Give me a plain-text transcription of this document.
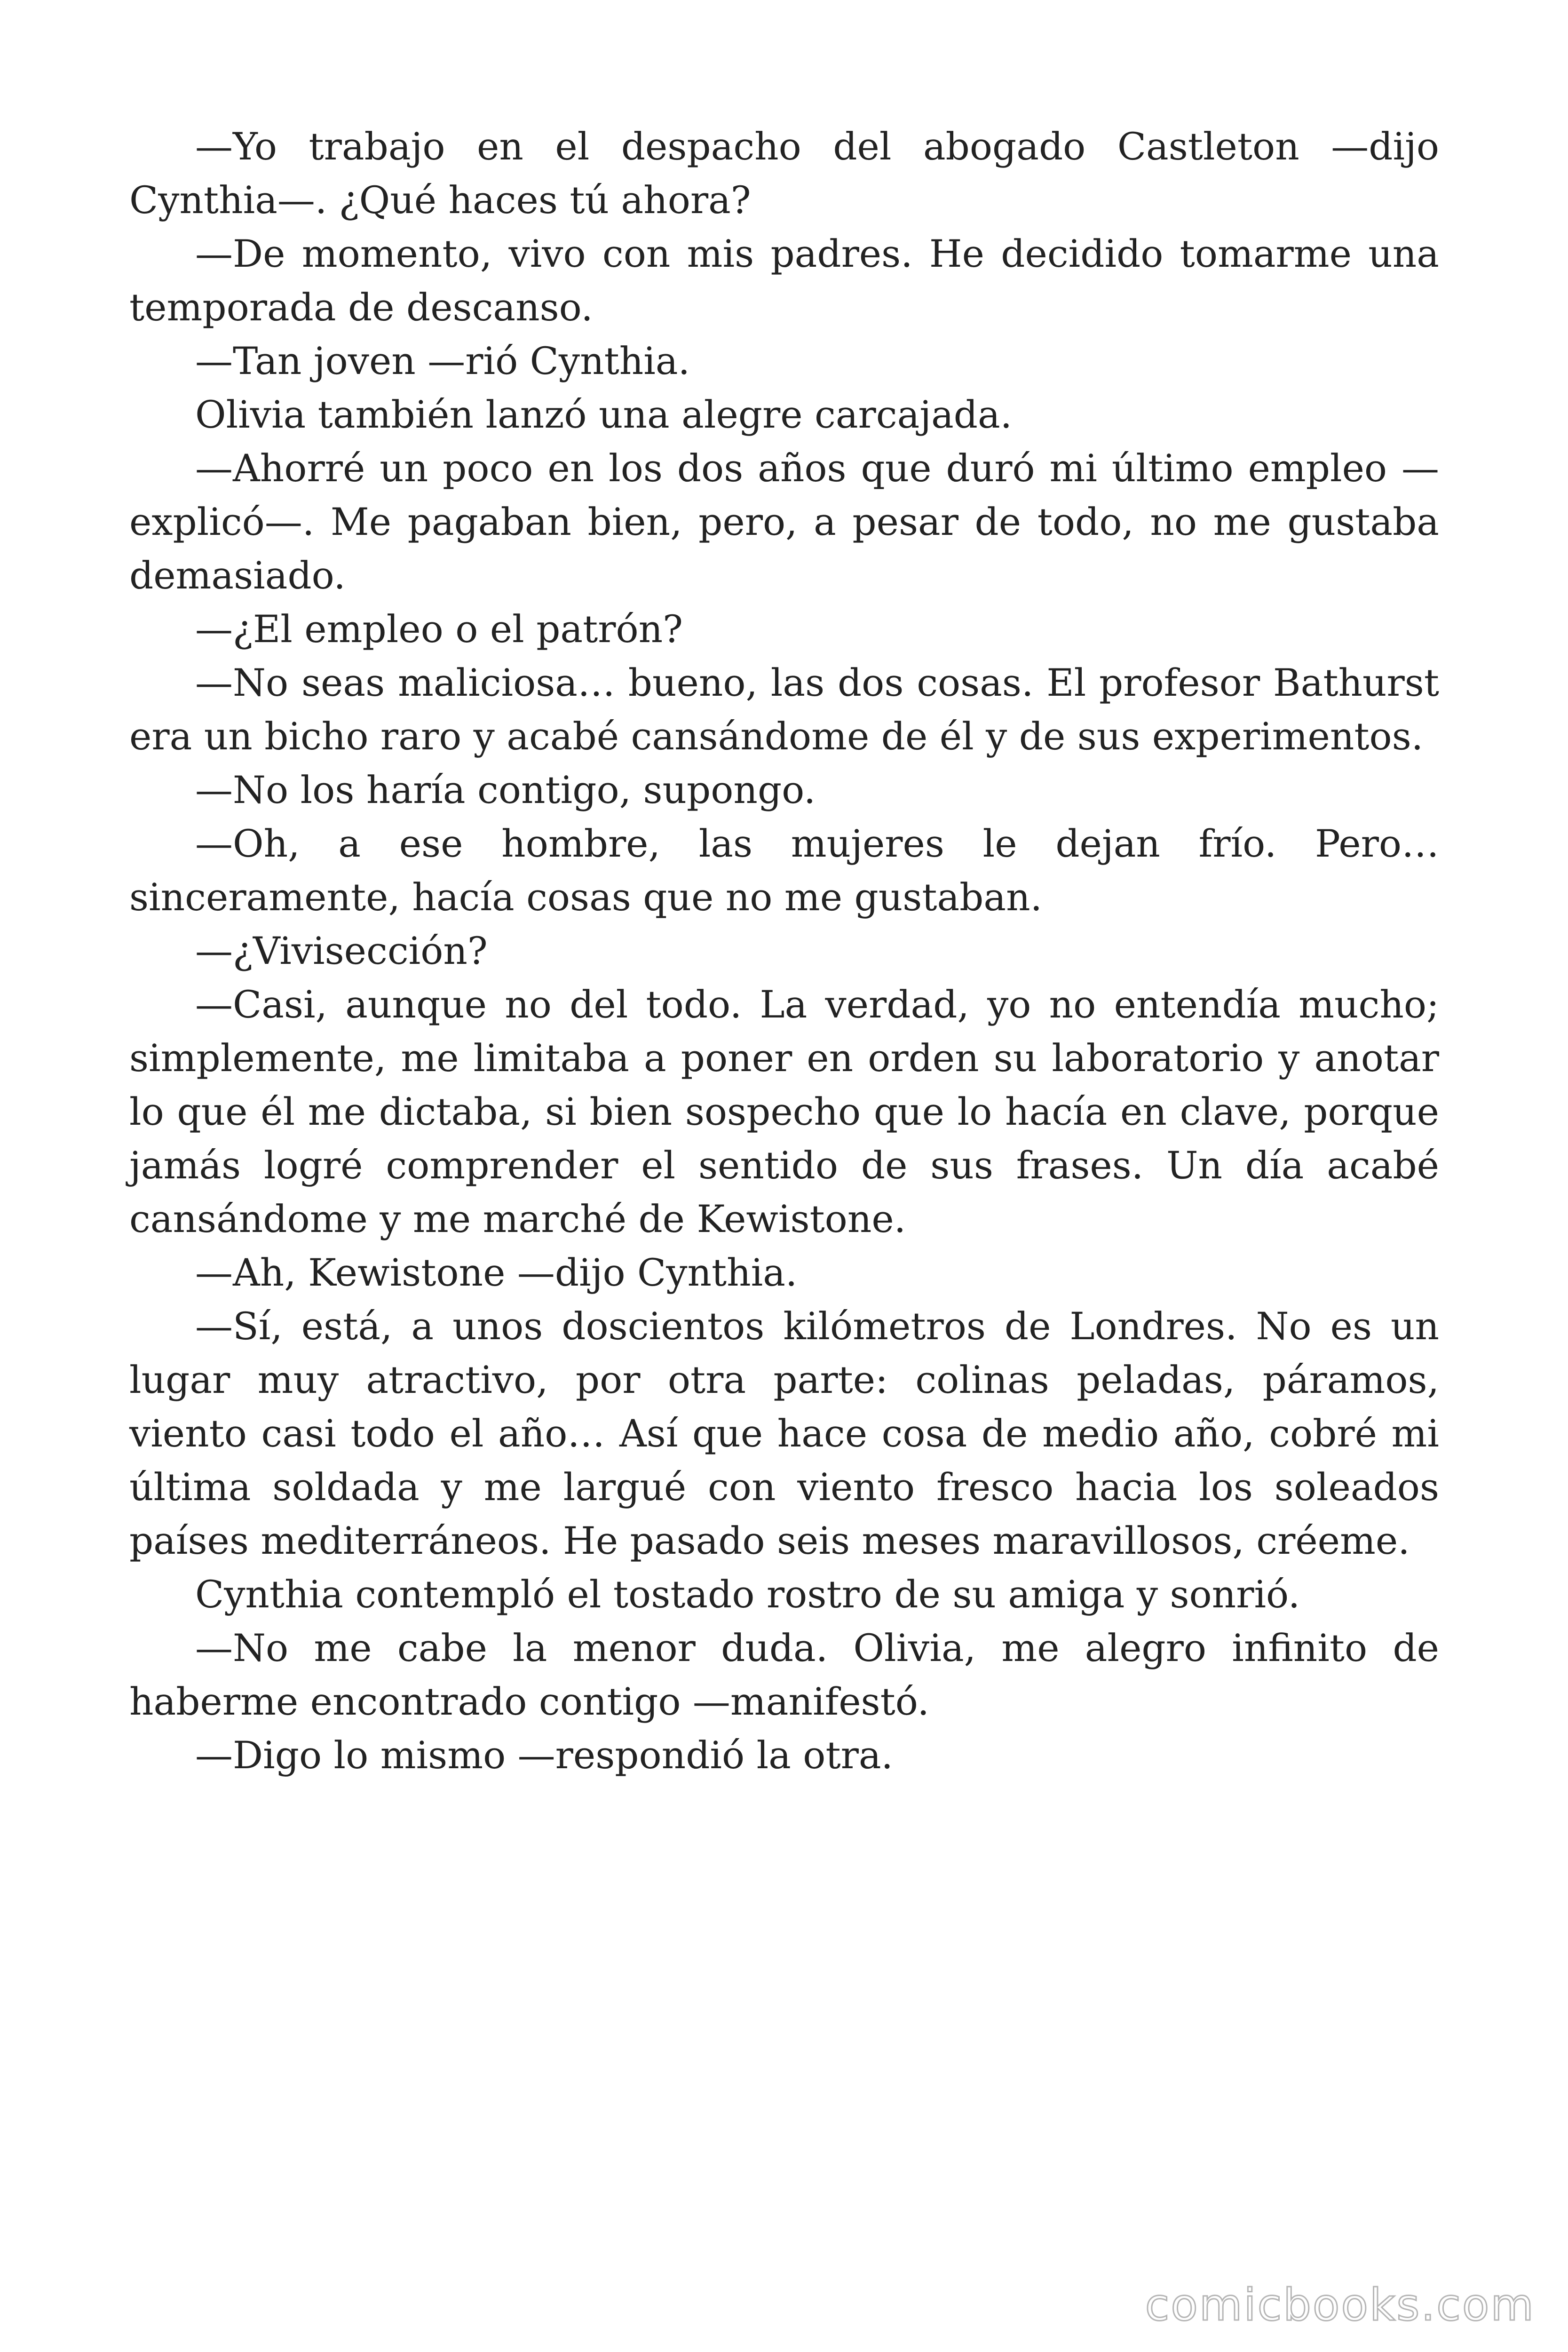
—Yo trabajo en el despacho del abogado Castleton —dijo Cynthia—. ¿Qué haces tú ahora?

—De momento, vivo con mis padres. He decidido tomarme una temporada de descanso.

—Tan joven —rió Cynthia.

Olivia también lanzó una alegre carcajada.

—Ahorré un poco en los dos años que duró mi último empleo —explicó—. Me pagaban bien, pero, a pesar de todo, no me gustaba demasiado.

—¿El empleo o el patrón?

—No seas maliciosa… bueno, las dos cosas. El profesor Bathurst era un bicho raro y acabé cansándome de él y de sus experimentos.

—No los haría contigo, supongo.

—Oh, a ese hombre, las mujeres le dejan frío. Pero… sinceramente, hacía cosas que no me gustaban.

—¿Vivisección?

—Casi, aunque no del todo. La verdad, yo no entendía mucho; simplemente, me limitaba a poner en orden su laboratorio y anotar lo que él me dictaba, si bien sospecho que lo hacía en clave, porque jamás logré comprender el sentido de sus frases. Un día acabé cansándome y me marché de Kewistone.

—Ah, Kewistone —dijo Cynthia.

—Sí, está, a unos doscientos kilómetros de Londres. No es un lugar muy atractivo, por otra parte: colinas peladas, páramos, viento casi todo el año… Así que hace cosa de medio año, cobré mi última soldada y me largué con viento fresco hacia los soleados países mediterráneos. He pasado seis meses maravillosos, créeme.

Cynthia contempló el tostado rostro de su amiga y sonrió.

—No me cabe la menor duda. Olivia, me alegro infinito de haberme encontrado contigo —manifestó.

—Digo lo mismo —respondió la otra.

comicbooks.com
